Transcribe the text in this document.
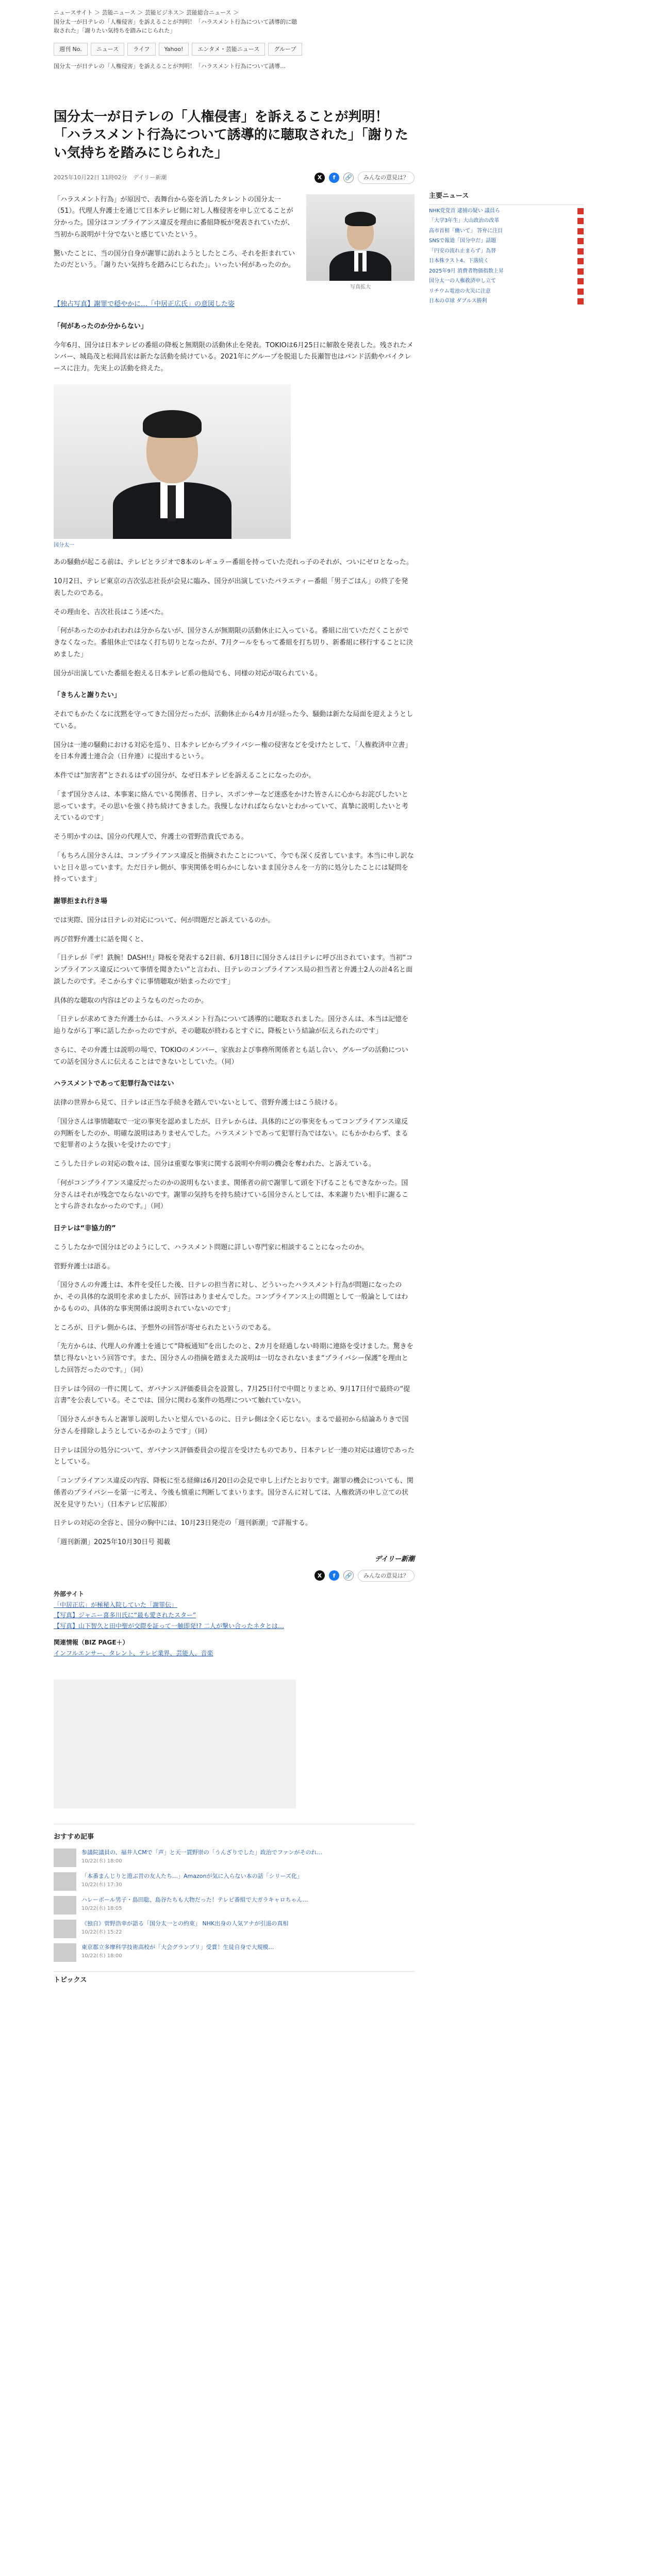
ニュースサイト ＞ 芸能ニュース ＞ 芸能ビジネス＞ 芸能総合ニュース ＞
国分太一が日テレの「人権侵害」を訴えることが判明！「ハラスメント行為について誘導的に聴
取された」「謝りたい気持ちを踏みにじられた」
週刊 No.	ニュース	ライフ	Yahoo!	エンタメ・芸能ニュース	グループ
国分太一が日テレの「人権侵害」を訴えることが判明！「ハラスメント行為について誘導...
国分太一が日テレの「人権侵害」を訴えることが判明！「ハラスメント行為について誘導的に聴取された」「謝りたい気持ちを踏みにじられた」
2025年10月22日 11時02分 デイリー新潮	X	f	🔗	みんなの意見は？

「ハラスメント行為」が原因で、表舞台から姿を消したタレントの国分太一（51）。代理人弁護士を通じて日本テレビ側に対し人権侵害を申し立てることが分かった。国分はコンプライアンス違反を理由に番組降板が発表されていたが、当初から説明が十分でないと感じていたという。

驚いたことに、当の国分自身が謝罪に訪れようとしたところ、それを拒まれていたのだという。「謝りたい気持ちを踏みにじられた」。いったい何があったのか。

写真拡大
【独占写真】謝罪で穏やかに…「中居正広氏」の意図した姿
「何があったのか分からない」

今年6月、国分は日本テレビの番組の降板と無期限の活動休止を発表。TOKIOは6月25日に解散を発表した。残されたメンバー、城島茂と松岡昌宏は新たな活動を続けている。2021年にグループを脱退した長瀬智也はバンド活動やバイクレースに注力。先実上の活動を終えた。

国分太一

あの騒動が起こる前は、テレビとラジオで8本のレギュラー番組を持っていた売れっ子のそれが、ついにゼロとなった。

10月2日、テレビ東京の吉次弘志社長が会見に臨み、国分が出演していたバラエティー番組「男子ごはん」の終了を発表したのである。

その理由を、吉次社長はこう述べた。

「何があったのかわれわれは分からないが、国分さんが無期限の活動休止に入っている。番組に出ていただくことができなくなった。番組休止ではなく打ち切りとなったが、7月クールをもって番組を打ち切り、新番組に移行することに決めました」

国分が出演していた番組を抱える日本テレビ系の他局でも、同様の対応が取られている。

「きちんと謝りたい」

それでもかたくなに沈黙を守ってきた国分だったが、活動休止から4カ月が経った今、騒動は新たな局面を迎えようとしている。

国分は一連の騒動における対応を巡り、日本テレビからプライバシー権の侵害などを受けたとして、「人権救済申立書」を日本弁護士連合会（日弁連）に提出するという。

本件では“加害者”とされるはずの国分が、なぜ日本テレビを訴えることになったのか。

「まず国分さんは、本事案に絡んでいる関係者、日テレ、スポンサーなど迷惑をかけた皆さんに心からお詫びしたいと思っています。その思いを強く持ち続けてきました。我慢しなければならないとわかっていて、真摯に説明したいと考えているのです」

そう明かすのは、国分の代理人で、弁護士の菅野浩貴氏である。

「もちろん国分さんは、コンプライアンス違反と指摘されたことについて、今でも深く反省しています。本当に申し訳ないと日々思っています。ただ日テレ側が、事実関係を明らかにしないまま国分さんを一方的に処分したことには疑問を持っています」

謝罪拒まれ行き場

では実際、国分は日テレの対応について、何が問題だと訴えているのか。

再び菅野弁護士に話を聞くと、

「日テレが『ザ！鉄腕！DASH!!』降板を発表する2日前、6月18日に国分さんは日テレに呼び出されています。当初“コンプライアンス違反について事情を聞きたい”と言われ、日テレのコンプライアンス局の担当者と弁護士2人の計4名と面談したのです。そこからすぐに事情聴取が始まったのです」

具体的な聴取の内容はどのようなものだったのか。

「日テレが求めてきた弁護士からは、ハラスメント行為について誘導的に聴取されました。国分さんは、本当は記憶を辿りながら丁寧に話したかったのですが、その聴取が終わるとすぐに、降板という結論が伝えられたのです」

さらに、その弁護士は説明の場で、TOKIOのメンバー、家族および事務所関係者とも話し合い、グループの活動についての話を国分さんに伝えることはできないとしていた。（同）

ハラスメントであって犯罪行為ではない

法律の世界から見て、日テレは正当な手続きを踏んでいないとして、菅野弁護士はこう続ける。

「国分さんは事情聴取で一定の事実を認めましたが、日テレからは、具体的にどの事実をもってコンプライアンス違反の判断をしたのか、明確な説明はありませんでした。ハラスメントであって犯罪行為ではない。にもかかわらず、まるで犯罪者のような扱いを受けたのです」

こうした日テレの対応の数々は、国分は重要な事実に関する説明や弁明の機会を奪われた、と訴えている。

「何がコンプライアンス違反だったのかの説明もないまま、関係者の前で謝罪して頭を下げることもできなかった。国分さんはそれが残念でならないのです。謝罪の気持ちを持ち続けている国分さんとしては、本来謝りたい相手に謝ることすら許されなかったのです。」（同）

日テレは“非協力的”

こうしたなかで国分はどのようにして、ハラスメント問題に詳しい専門家に相談することになったのか。

菅野弁護士は語る。

「国分さんの弁護士は、本件を受任した後、日テレの担当者に対し、どういったハラスメント行為が問題になったのか、その具体的な説明を求めましたが、回答はありませんでした。コンプライアンス上の問題として一般論としてはわかるものの、具体的な事実関係は説明されていないのです」

ところが、日テレ側からは、予想外の回答が寄せられたというのである。

「先方からは、代理人の弁護士を通じて“降板通知”を出したのと、2カ月を経過しない時期に連絡を受けました。驚きを禁じ得ないという回答です。また、国分さんの指摘を踏まえた説明は一切なされないまま“プライバシー保護”を理由とした回答だったのです。」（同）

日テレは今回の一件に関して、ガバナンス評価委員会を設置し、7月25日付で中間とりまとめ、9月17日付で最終の“提言書”を公表している。そこでは、国分に関わる案件の処理について触れていない。

「国分さんがきちんと謝罪し説明したいと望んでいるのに、日テレ側は全く応じない。まるで最初から結論ありきで国分さんを排除しようとしているかのようです」（同）

日テレは国分の処分について、ガバナンス評価委員会の提言を受けたものであり、日本テレビ一連の対応は適切であったとしている。

「コンプライアンス違反の内容、降板に至る経緯は6月20日の会見で申し上げたとおりです。謝罪の機会についても、関係者のプライバシーを第一に考え、今後も慎重に判断してまいります。国分さんに対しては、人権救済の申し立ての状況を見守りたい」（日本テレビ広報部）

日テレの対応の全容と、国分の胸中には、10月23日発売の「週刊新潮」で詳報する。

「週刊新潮」2025年10月30日号 掲載

デイリー新潮
X	f	🔗	みんなの意見は？
外部サイト
「中居正広」が極秘入院していた「謝罪伝」
【写真】ジャニー喜多川氏に“最も愛されたスター”
【写真】山下智久と田中聖が交際を証って一触即発!? 二人が撃い合ったネタとは…
関連情報（BIZ PAGE＋）
インフルエンサー、タレント、テレビ業界、芸能人、音楽
おすすめ記事
参議院議員の、福井人CMで「声」と天一貫野崇の「うんざりでした」政治でファンがそのれ…
10/22(水) 18:00
「本番まんじりと遊ぶ昔の友人たち…」Amazonが気に入らない本の話「シリーズ化」
10/22(水) 17:30
ハレーボール男子・島田聡、島谷たちも大物だった！テレビ番組で大ガラキャロちゃん…
10/22(水) 18:05
《独自》菅野浩幸が語る「国分太一との約束」 NHK出身の人気アナが引退の真相
10/22(水) 15:22
東京都立多摩科学技術高校が「大会グランプリ」受賞！生徒自身で大規模…
10/22(水) 18:00
トピックス
主要ニュース
NHK党党首 逮捕の疑い 議員ら
「大学3年生」大山政治の改革
高市首相「働いて」 答弁に注目
SNSで報道「国分中だ」話題
「円安の流れ止まらず」為替
日本株ラスト4、下落続く
2025年9月 消費者物価指数上昇
国分太一の人権救済申し立て
リチウム電池の火災に注意
日本の卓球 ダブルス勝利
